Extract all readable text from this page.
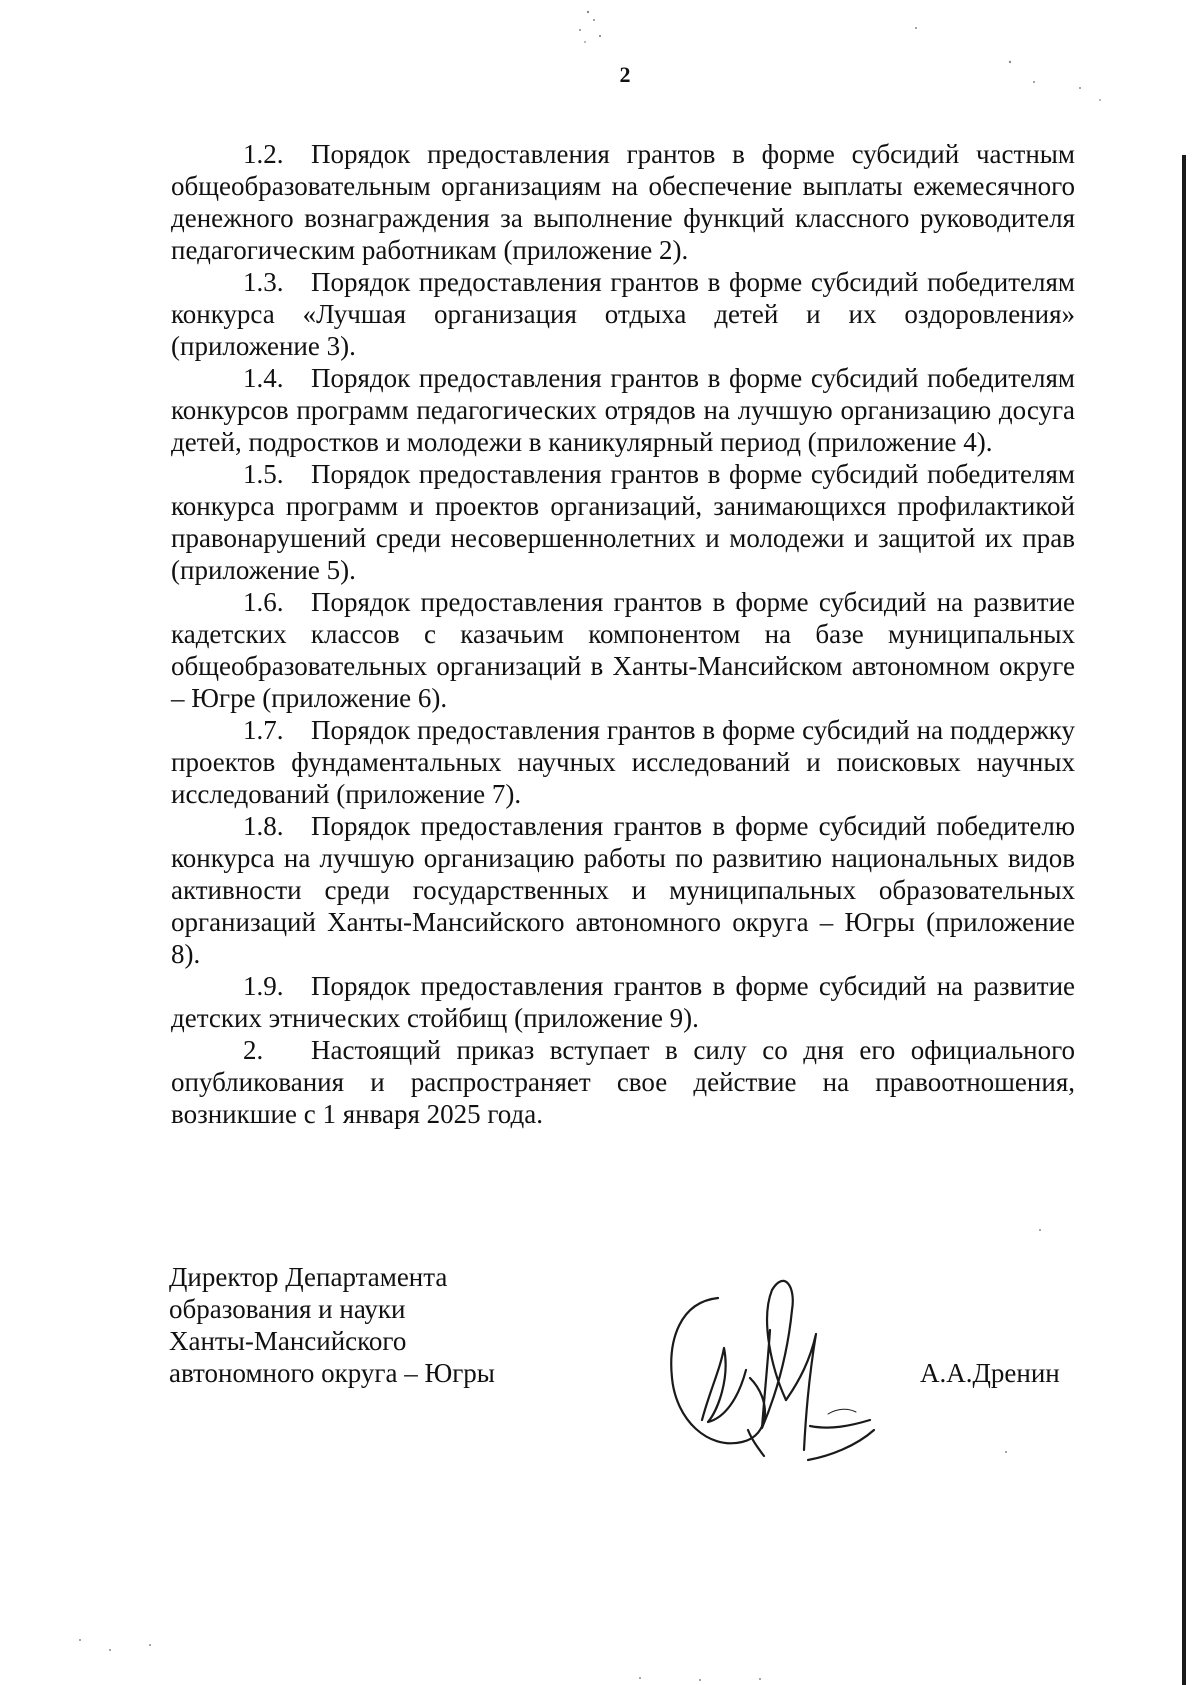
2

1.2. Порядок предоставления грантов в форме субсидий частным общеобразовательным организациям на обеспечение выплаты ежемесячного денежного вознаграждения за выполнение функций классного руководителя педагогическим работникам (приложение 2).

1.3. Порядок предоставления грантов в форме субсидий победителям конкурса «Лучшая организация отдыха детей и их оздоровления» (приложение 3).

1.4. Порядок предоставления грантов в форме субсидий победителям конкурсов программ педагогических отрядов на лучшую организацию досуга детей, подростков и молодежи в каникулярный период (приложение 4).

1.5. Порядок предоставления грантов в форме субсидий победителям конкурса программ и проектов организаций, занимающихся профилактикой правонарушений среди несовершеннолетних и молодежи и защитой их прав (приложение 5).

1.6. Порядок предоставления грантов в форме субсидий на развитие кадетских классов с казачьим компонентом на базе муниципальных общеобразовательных организаций в Ханты-Мансийском автономном округе – Югре (приложение 6).

1.7. Порядок предоставления грантов в форме субсидий на поддержку проектов фундаментальных научных исследований и поисковых научных исследований (приложение 7).

1.8. Порядок предоставления грантов в форме субсидий победителю конкурса на лучшую организацию работы по развитию национальных видов активности среди государственных и муниципальных образовательных организаций Ханты-Мансийского автономного округа – Югры (приложение 8).

1.9. Порядок предоставления грантов в форме субсидий на развитие детских этнических стойбищ (приложение 9).

2. Настоящий приказ вступает в силу со дня его официального опубликования и распространяет свое действие на правоотношения, возникшие с 1 января 2025 года.

Директор Департамента
образования и науки
Ханты-Мансийского
автономного округа – Югры	А.А.Дренин
